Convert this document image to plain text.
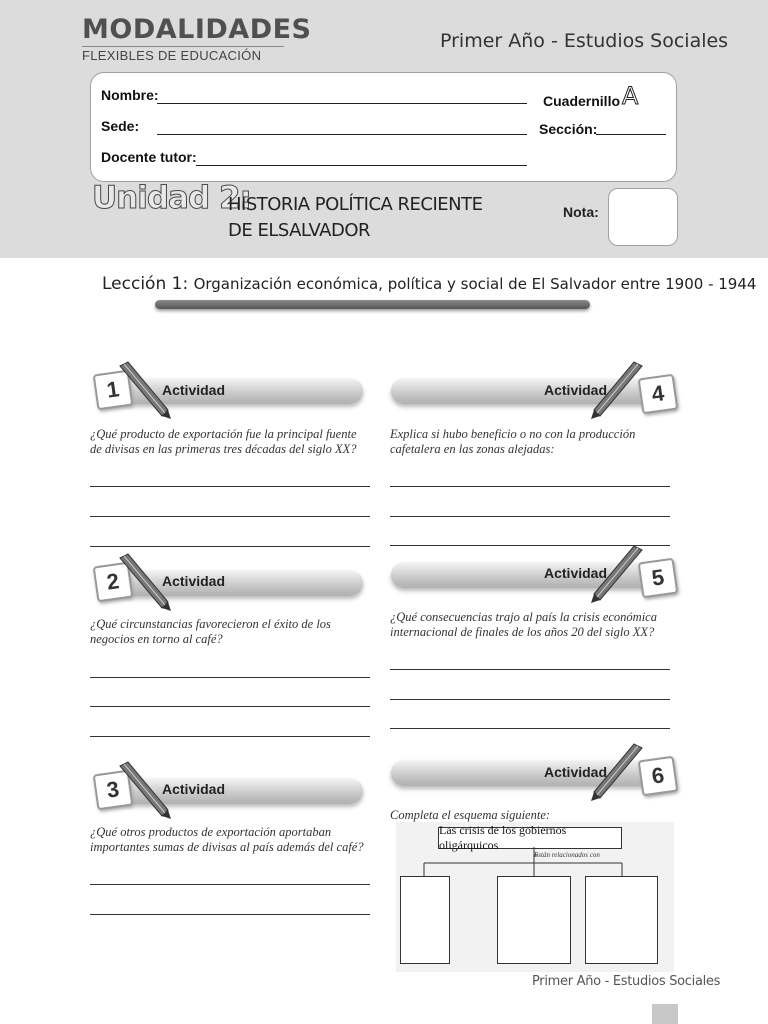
MODALIDADES
FLEXIBLES DE EDUCACIÓN
Primer Año - Estudios Sociales
Nombre:
Sede:
Docente tutor:
Cuadernillo A
Sección:
Unidad 2:
HISTORIA POLÍTICA RECIENTE
DE ELSALVADOR
Nota:
Lección 1: Organización económica, política y social de El Salvador entre 1900 - 1944
Actividad
1
¿Qué producto de exportación fue la principal fuente de divisas en las primeras tres décadas del siglo XX?
Actividad
2
¿Qué circunstancias favorecieron el éxito de los negocios en torno al café?
Actividad
3
¿Qué otros productos de exportación aportaban importantes sumas de divisas al país además del café?
Actividad	4
Explica si hubo beneficio o no con la producción cafetalera en las zonas alejadas:
Actividad	5
¿Qué consecuencias trajo al país la crisis económica internacional de finales de los años 20 del siglo XX?
Actividad	6
Completa el esquema siguiente:
Las crisis de los gobiernos oligárquicos
Están relacionados con
Primer Año - Estudios Sociales
